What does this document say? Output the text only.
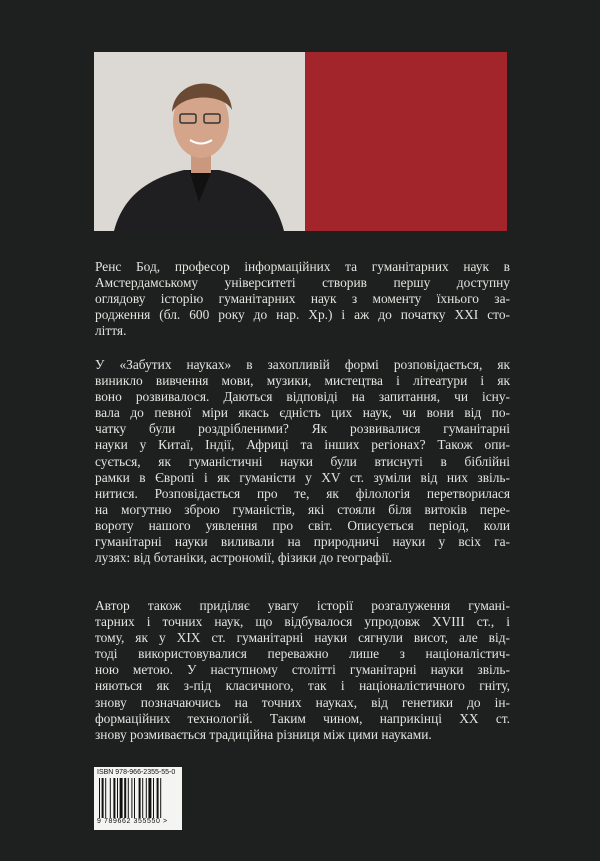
Ренс Бод, професор інформаційних та гуманітарних наук в
Амстердамському університеті створив першу доступну
оглядову історію гуманітарних наук з моменту їхнього за-
родження (бл. 600 року до нар. Хр.) і аж до початку XXI сто-
ліття.
У «Забутих науках» в захопливій формі розповідається, як
виникло вивчення мови, музики, мистецтва і літеатури і як
воно розвивалося. Даються відповіді на запитання, чи існу-
вала до певної міри якась єдність цих наук, чи вони від по-
чатку були роздрібленими? Як розвивалися гуманітарні
науки у Китаї, Індії, Африці та інших регіонах? Також опи-
сується, як гуманістичні науки були втиснуті в біблійні
рамки в Європі і як гуманісти у XV ст. зуміли від них звіль-
нитися. Розповідається про те, як філологія перетворилася
на могутню зброю гуманістів, які стояли біля витоків пере-
вороту нашого уявлення про світ. Описується період, коли
гуманітарні науки виливали на природничі науки у всіх га-
лузях: від ботаніки, астрономії, фізики до географії.
Автор також приділяє увагу історії розгалуження гумані-
тарних і точних наук, що відбувалося упродовж XVIII ст., і
тому, як у XIX ст. гуманітарні науки сягнули висот, але від-
тоді використовувалися переважно лише з націоналістич-
ною метою. У наступному столітті гуманітарні науки звіль-
няються як з-під класичного, так і націоналістичного гніту,
знову позначаючись на точних науках, від генетики до ін-
формаційних технологій. Таким чином, наприкінці XX ст.
знову розмивається традиційна різниця між цими науками.
ISBN 978-966-2355-55-0
9 789662 355550 >
